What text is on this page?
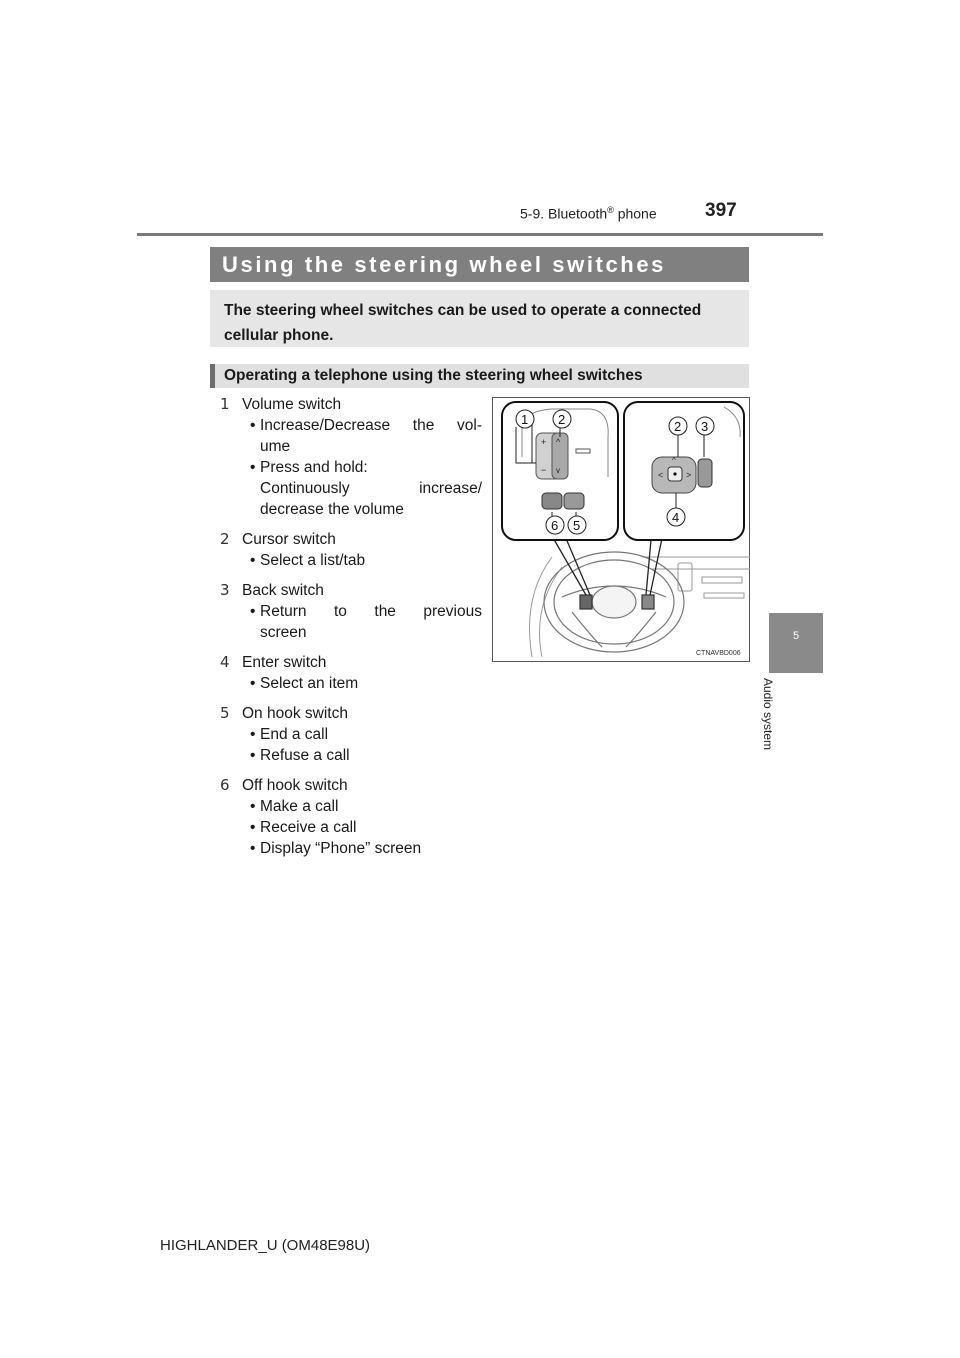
5-9. Bluetooth® phone	397
5
Audio system
Using the steering wheel switches

The steering wheel switches can be used to operate a connected cellular phone.

Operating a telephone using the steering wheel switches
1 Volume switch
• Increase/Decrease the vol-
ume
• Press and hold:
Continuously increase/
decrease the volume
2 Cursor switch
• Select a list/tab
3 Back switch
• Return to the previous
screen
4 Enter switch
• Select an item
5 On hook switch
• End a call
• Refuse a call
6 Off hook switch
• Make a call
• Receive a call
• Display “Phone” screen
+
−
^
v
1 2
6 5
<	>
^
2 3
4
CTNAVBD006
HIGHLANDER_U (OM48E98U)
